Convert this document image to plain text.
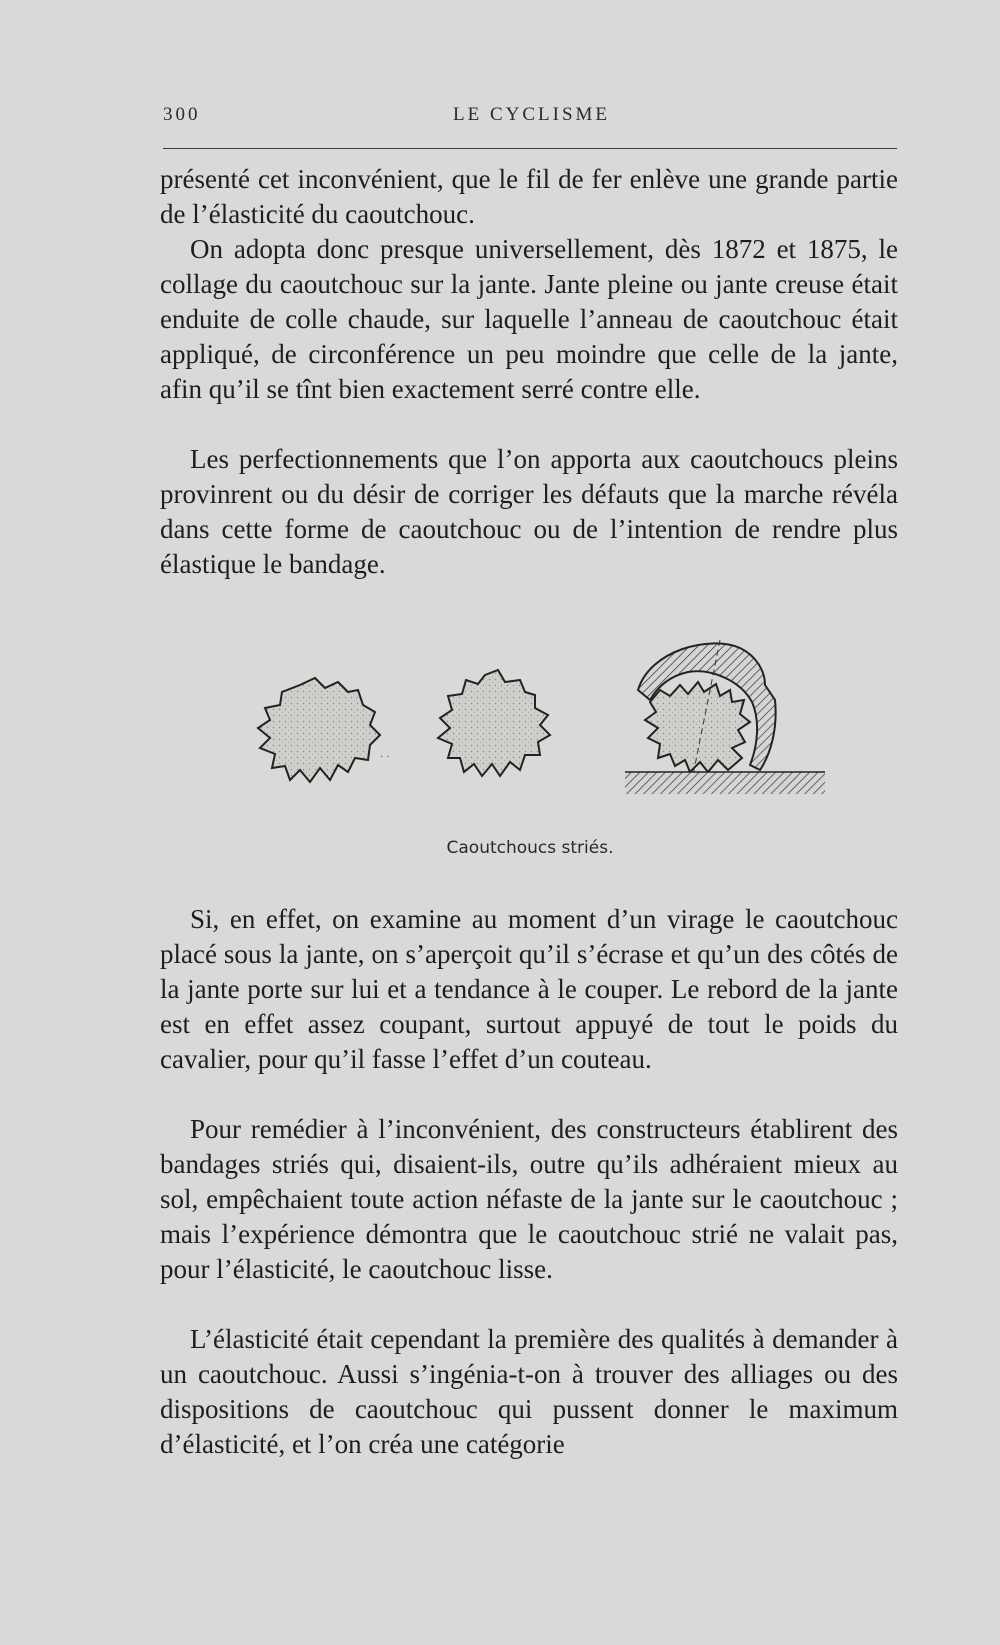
300	LE CYCLISME

présenté cet inconvénient, que le fil de fer enlève une grande partie de l’élasticité du caoutchouc.

On adopta donc presque universellement, dès 1872 et 1875, le collage du caoutchouc sur la jante. Jante pleine ou jante creuse était enduite de colle chaude, sur laquelle l’anneau de caoutchouc était appliqué, de circonférence un peu moindre que celle de la jante, afin qu’il se tînt bien exactement serré contre elle.

Les perfectionnements que l’on apporta aux caoutchoucs pleins provinrent ou du désir de corriger les défauts que la marche révéla dans cette forme de caoutchouc ou de l’intention de rendre plus élastique le bandage.

· ·
Caoutchoucs striés.

Si, en effet, on examine au moment d’un virage le caoutchouc placé sous la jante, on s’aperçoit qu’il s’écrase et qu’un des côtés de la jante porte sur lui et a tendance à le couper. Le rebord de la jante est en effet assez coupant, surtout appuyé de tout le poids du cavalier, pour qu’il fasse l’effet d’un couteau.

Pour remédier à l’inconvénient, des constructeurs établirent des bandages striés qui, disaient-ils, outre qu’ils adhéraient mieux au sol, empêchaient toute action néfaste de la jante sur le caoutchouc ; mais l’expérience démontra que le caoutchouc strié ne valait pas, pour l’élasticité, le caoutchouc lisse.

L’élasticité était cependant la première des qualités à demander à un caoutchouc. Aussi s’ingénia-t-on à trouver des alliages ou des dispositions de caoutchouc qui pussent donner le maximum d’élasticité, et l’on créa une catégorie
